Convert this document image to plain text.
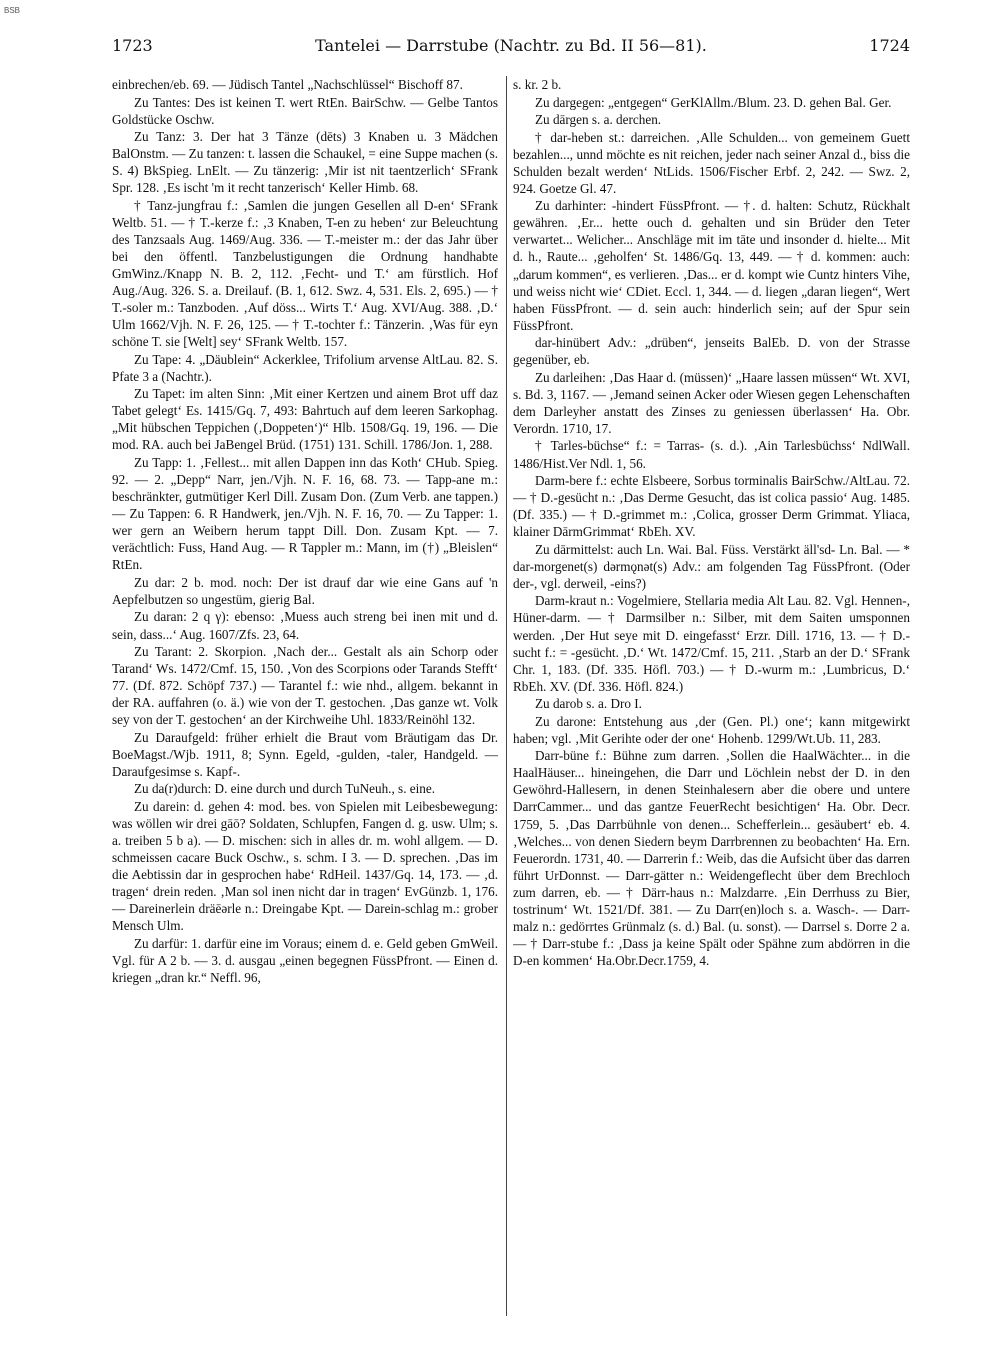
BSB
1723	Tantelei — Darrstube (Nachtr. zu Bd. II 56—81).	1724

einbrechen/eb. 69. — Jüdisch Tantel „Nachschlüssel“ Bischoff 87.

Zu Tantes: Des ist keinen T. wert RtEn. BairSchw. — Gelbe Tantos Goldstücke Oschw.

Zu Tanz: 3. Der hat 3 Tänze (dēts) 3 Knaben u. 3 Mädchen BalOnstm. — Zu tanzen: t. lassen die Schaukel, = eine Suppe machen (s. S. 4) BkSpieg. LnElt. — Zu tänzerig: ‚Mir ist nit taentzerlich‘ SFrank Spr. 128. ‚Es ischt 'm it recht tanzerisch‘ Keller Himb. 68.

† Tanz-jungfrau f.: ‚Samlen die jungen Gesellen all D-en‘ SFrank Weltb. 51. — † T.-kerze f.: ‚3 Knaben, T-en zu heben‘ zur Beleuchtung des Tanzsaals Aug. 1469/Aug. 336. — T.-meister m.: der das Jahr über bei den öffentl. Tanzbelustigungen die Ordnung handhabte GmWinz./Knapp N. B. 2, 112. ‚Fecht- und T.‘ am fürstlich. Hof Aug./Aug. 326. S. a. Dreilauf. (B. 1, 612. Swz. 4, 531. Els. 2, 695.) — † T.-soler m.: Tanzboden. ‚Auf döss... Wirts T.‘ Aug. XVI/Aug. 388. ‚D.‘ Ulm 1662/Vjh. N. F. 26, 125. — † T.-tochter f.: Tänzerin. ‚Was für eyn schöne T. sie [Welt] sey‘ SFrank Weltb. 157.

Zu Tape: 4. „Däublein“ Ackerklee, Trifolium arvense AltLau. 82. S. Pfate 3 a (Nachtr.).

Zu Tapet: im alten Sinn: ‚Mit einer Kertzen und ainem Brot uff daz Tabet gelegt‘ Es. 1415/Gq. 7, 493: Bahrtuch auf dem leeren Sarkophag. „Mit hübschen Teppichen (‚Doppeten‘)“ Hlb. 1508/Gq. 19, 196. — Die mod. RA. auch bei JaBengel Brüd. (1751) 131. Schill. 1786/Jon. 1, 288.

Zu Tapp: 1. ‚Fellest... mit allen Dappen inn das Koth‘ CHub. Spieg. 92. — 2. „Depp“ Narr, jen./Vjh. N. F. 16, 68. 73. — Tapp-ane m.: beschränkter, gutmütiger Kerl Dill. Zusam Don. (Zum Verb. ane tappen.) — Zu Tappen: 6. R Handwerk, jen./Vjh. N. F. 16, 70. — Zu Tapper: 1. wer gern an Weibern herum tappt Dill. Don. Zusam Kpt. — 7. verächtlich: Fuss, Hand Aug. — R Tappler m.: Mann, im (†) „Bleislen“ RtEn.

Zu dar: 2 b. mod. noch: Der ist drauf dar wie eine Gans auf 'n Aepfelbutzen so ungestüm, gierig Bal.

Zu daran: 2 q γ): ebenso: ‚Muess auch streng bei inen mit und d. sein, dass...‘ Aug. 1607/Zfs. 23, 64.

Zu Tarant: 2. Skorpion. ‚Nach der... Gestalt als ain Schorp oder Tarand‘ Ws. 1472/Cmf. 15, 150. ‚Von des Scorpions oder Tarands Stefft‘ 77. (Df. 872. Schöpf 737.) — Tarantel f.: wie nhd., allgem. bekannt in der RA. auffahren (o. ä.) wie von der T. gestochen. ‚Das ganze wt. Volk sey von der T. gestochen‘ an der Kirchweihe Uhl. 1833/Reinöhl 132.

Zu Daraufgeld: früher erhielt die Braut vom Bräutigam das Dr. BoeMagst./Wjb. 1911, 8; Synn. Egeld, -gulden, -taler, Handgeld. — Daraufgesimse s. Kapf-.

Zu da(r)durch: D. eine durch und durch TuNeuh., s. eine.

Zu darein: d. gehen 4: mod. bes. von Spielen mit Leibesbewegung: was wöllen wir drei gāō? Soldaten, Schlupfen, Fangen d. g. usw. Ulm; s. a. treiben 5 b a). — D. mischen: sich in alles dr. m. wohl allgem. — D. schmeissen cacare Buck Oschw., s. schm. I 3. — D. sprechen. ‚Das im die Aebtissin dar in gesprochen habe‘ RdHeil. 1437/Gq. 14, 173. — ‚d. tragen‘ drein reden. ‚Man sol inen nicht dar in tragen‘ EvGünzb. 1, 176. — Dareinerlein dräēərle n.: Dreingabe Kpt. — Darein-schlag m.: grober Mensch Ulm.

Zu darfür: 1. darfür eine im Voraus; einem d. e. Geld geben GmWeil. Vgl. für A 2 b. — 3. d. ausgau „einen begegnen FüssPfront. — Einen d. kriegen „dran kr.“ Neffl. 96,

s. kr. 2 b.

Zu dargegen: „entgegen“ GerKlAllm./Blum. 23. D. gehen Bal. Ger.

Zu dārgen s. a. derchen.

† dar-heben st.: darreichen. ‚Alle Schulden... von gemeinem Guett bezahlen..., unnd möchte es nit reichen, jeder nach seiner Anzal d., biss die Schulden bezalt werden‘ NtLids. 1506/Fischer Erbf. 2, 242. — Swz. 2, 924. Goetze Gl. 47.

Zu darhinter: -hindert FüssPfront. — †. d. halten: Schutz, Rückhalt gewähren. ‚Er... hette ouch d. gehalten und sin Brüder den Teter verwartet... Welicher... Anschläge mit im tāte und insonder d. hielte... Mit d. h., Raute... ‚geholfen‘ St. 1486/Gq. 13, 449. — † d. kommen: auch: „darum kommen“, es verlieren. ‚Das... er d. kompt wie Cuntz hinters Vihe, und weiss nicht wie‘ CDiet. Eccl. 1, 344. — d. liegen „daran liegen“, Wert haben FüssPfront. — d. sein auch: hinderlich sein; auf der Spur sein FüssPfront.

dar-hinübert Adv.: „drüben“, jenseits BalEb. D. von der Strasse gegenüber, eb.

Zu darleihen: ‚Das Haar d. (müssen)‘ „Haare lassen müssen“ Wt. XVI, s. Bd. 3, 1167. — ‚Jemand seinen Acker oder Wiesen gegen Lehenschaften dem Darleyher anstatt des Zinses zu geniessen überlassen‘ Ha. Obr. Verordn. 1710, 17.

† Tarles-büchse“ f.: = Tarras- (s. d.). ‚Ain Tarlesbüchss‘ NdlWall. 1486/Hist.Ver Ndl. 1, 56.

Darm-bere f.: echte Elsbeere, Sorbus torminalis BairSchw./AltLau. 72. — † D.-gesücht n.: ‚Das Derme Gesucht, das ist colica passio‘ Aug. 1485. (Df. 335.) — † D.-grimmet m.: ‚Colica, grosser Derm Grimmat. Yliaca, klainer DārmGrimmat‘ RbEh. XV.

Zu dārmittelst: auch Ln. Wai. Bal. Füss. Verstärkt äll'sd- Ln. Bal. — * dar-morgenet(s) dərmǫnət(s) Adv.: am folgenden Tag FüssPfront. (Oder der-, vgl. derweil, -eins?)

Darm-kraut n.: Vogelmiere, Stellaria media Alt Lau. 82. Vgl. Hennen-, Hüner-darm. — † Darmsilber n.: Silber, mit dem Saiten umsponnen werden. ‚Der Hut seye mit D. eingefasst‘ Erzr. Dill. 1716, 13. — † D.-sucht f.: = -gesücht. ‚D.‘ Wt. 1472/Cmf. 15, 211. ‚Starb an der D.‘ SFrank Chr. 1, 183. (Df. 335. Höfl. 703.) — † D.-wurm m.: ‚Lumbricus, D.‘ RbEh. XV. (Df. 336. Höfl. 824.)

Zu darob s. a. Dro I.

Zu darone: Entstehung aus ‚der (Gen. Pl.) one‘; kann mitgewirkt haben; vgl. ‚Mit Gerihte oder der one‘ Hohenb. 1299/Wt.Ub. 11, 283.

Darr-büne f.: Bühne zum darren. ‚Sollen die HaalWächter... in die HaalHäuser... hineingehen, die Darr und Löchlein nebst der D. in den Gewöhrd-Hallesern, in denen Steinhalesern aber die obere und untere DarrCammer... und das gantze FeuerRecht besichtigen‘ Ha. Obr. Decr. 1759, 5. ‚Das Darrbühnle von denen... Schefferlein... gesäubert‘ eb. 4. ‚Welches... von denen Siedern beym Darrbrennen zu beobachten‘ Ha. Ern. Feuerordn. 1731, 40. — Darrerin f.: Weib, das die Aufsicht über das darren führt UrDonnst. — Darr-gätter n.: Weidengeflecht über dem Brechloch zum darren, eb. — † Därr-haus n.: Malzdarre. ‚Ein Derrhuss zu Bier, tostrinum‘ Wt. 1521/Df. 381. — Zu Darr(en)loch s. a. Wasch-. — Darr-malz n.: gedörrtes Grünmalz (s. d.) Bal. (u. sonst). — Darrsel s. Dorre 2 a. — † Darr-stube f.: ‚Dass ja keine Spält oder Spähne zum abdörren in die D-en kommen‘ Ha.Obr.Decr.1759, 4.
